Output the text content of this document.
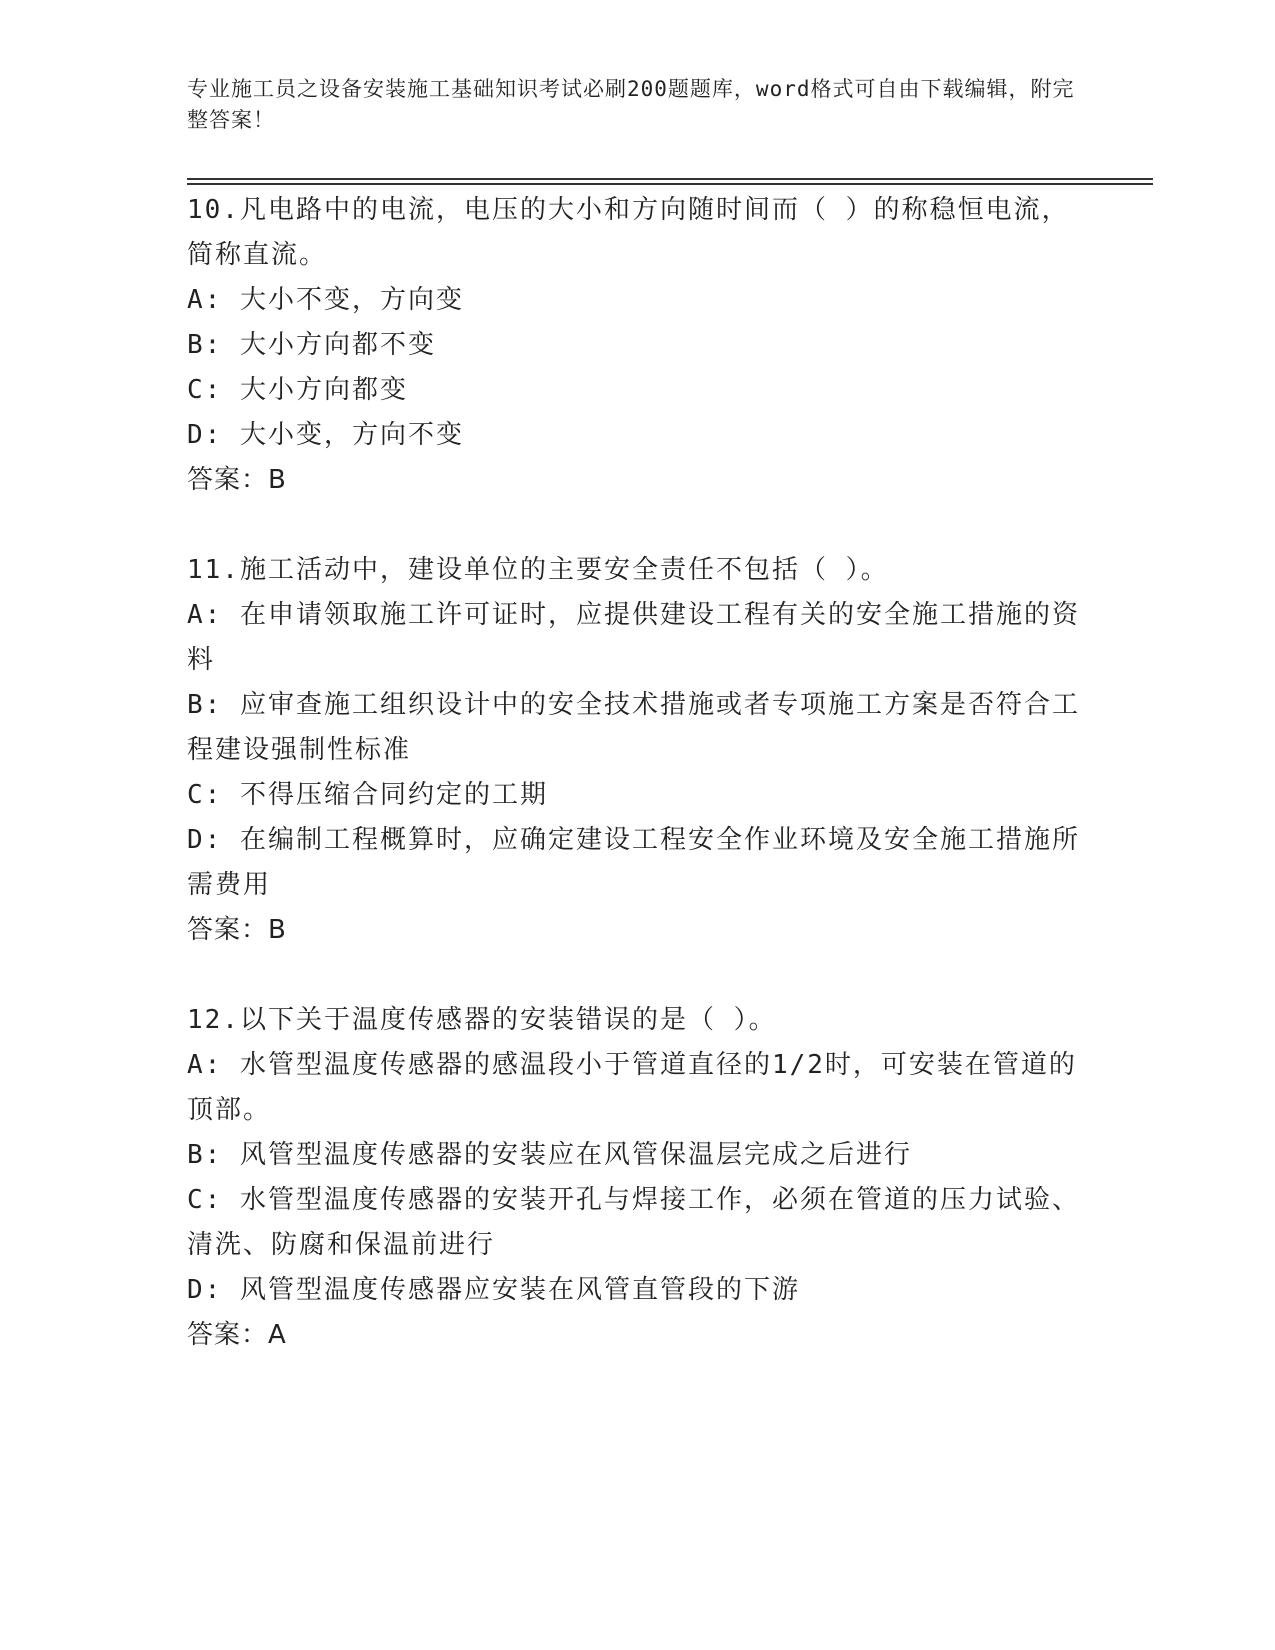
专业施工员之设备安装施工基础知识考试必刷200题题库，word格式可自由下载编辑，附完整答案！

10.凡电路中的电流，电压的大小和方向随时间而（ ）的称稳恒电流，简称直流。

A: 大小不变，方向变

B: 大小方向都不变

C: 大小方向都变

D: 大小变，方向不变

答案：B

11.施工活动中，建设单位的主要安全责任不包括（ ）。

A: 在申请领取施工许可证时，应提供建设工程有关的安全施工措施的资料

B: 应审查施工组织设计中的安全技术措施或者专项施工方案是否符合工程建设强制性标准

C: 不得压缩合同约定的工期

D: 在编制工程概算时，应确定建设工程安全作业环境及安全施工措施所需费用

答案：B

12.以下关于温度传感器的安装错误的是（ ）。

A: 水管型温度传感器的感温段小于管道直径的1/2时，可安装在管道的顶部。

B: 风管型温度传感器的安装应在风管保温层完成之后进行

C: 水管型温度传感器的安装开孔与焊接工作，必须在管道的压力试验、清洗、防腐和保温前进行

D: 风管型温度传感器应安装在风管直管段的下游

答案：A
